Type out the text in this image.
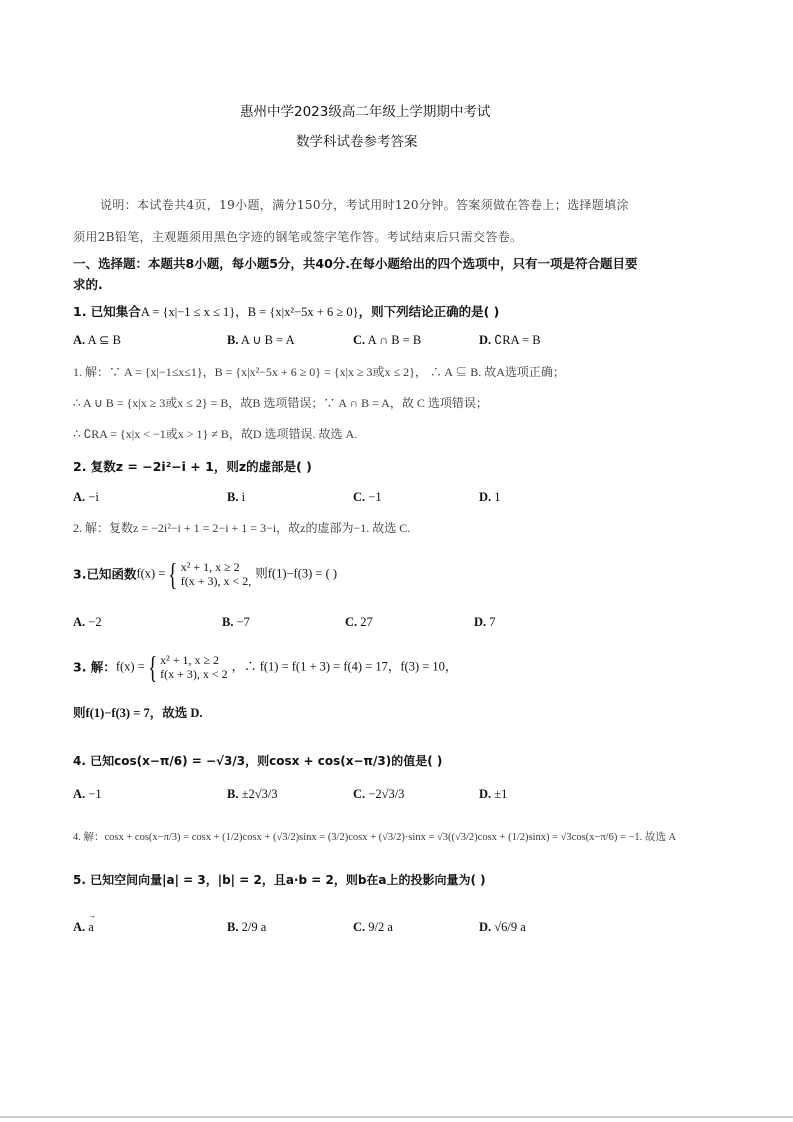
惠州中学2023级高二年级上学期期中考试
数学科试卷参考答案
说明：本试卷共4页，19小题，满分150分，考试用时120分钟。答案须做在答卷上；选择题填涂
须用2B铅笔，主观题须用黑色字迹的钢笔或签字笔作答。考试结束后只需交答卷。
一、选择题：本题共8小题，每小题5分，共40分.在每小题给出的四个选项中，只有一项是符合题目要
求的.
1. 已知集合A = {x|−1 ≤ x ≤ 1}，B = {x|x²−5x + 6 ≥ 0}，则下列结论正确的是( )
A. A ⊆ B	B. A ∪ B = A	C. A ∩ B = B	D. ∁RA = B
1. 解：∵ A = {x|−1≤x≤1}，B = {x|x²−5x + 6 ≥ 0} = {x|x ≥ 3或x ≤ 2}， ∴ A ⊆ B. 故A选项正确；
∴ A ∪ B = {x|x ≥ 3或x ≤ 2} = B，故B 选项错误；∵ A ∩ B = A，故 C 选项错误；
∴ ∁RA = {x|x < −1或x > 1} ≠ B，故D 选项错误. 故选 A.
2. 复数z = −2i²−i + 1，则z的虚部是( )
A. −i	B. i	C. −1	D. 1
2. 解：复数z = −2i²−i + 1 = 2−i + 1 = 3−i，故z的虚部为−1. 故选 C.
3.已知函数f(x) ={ x² + 1, x ≥ 2
f(x + 3), x < 2,
则f(1)−f(3) = ( )
A. −2	B. −7	C. 27	D. 7
3. 解：f(x) ={ x² + 1, x ≥ 2
f(x + 3), x < 2
，∴ f(1) = f(1 + 3) = f(4) = 17，f(3) = 10，
则f(1)−f(3) = 7，故选 D.
4. 已知cos(x−π/6) = −√3/3，则cosx + cos(x−π/3)的值是( )
A. −1	B. ±2√3/3	C. −2√3/3	D. ±1
4. 解：cosx + cos(x−π/3) = cosx + (1/2)cosx + (√3/2)sinx = (3/2)cosx + (√3/2)·sinx = √3((√3/2)cosx + (1/2)sinx) = √3cos(x−π/6) = −1. 故选 A
5. 已知空间向量|a| = 3，|b| = 2，且a·b = 2，则b在a上的投影向量为( )
A. → a	B. 2/9 a	C. 9/2 a	D. √6/9 a
